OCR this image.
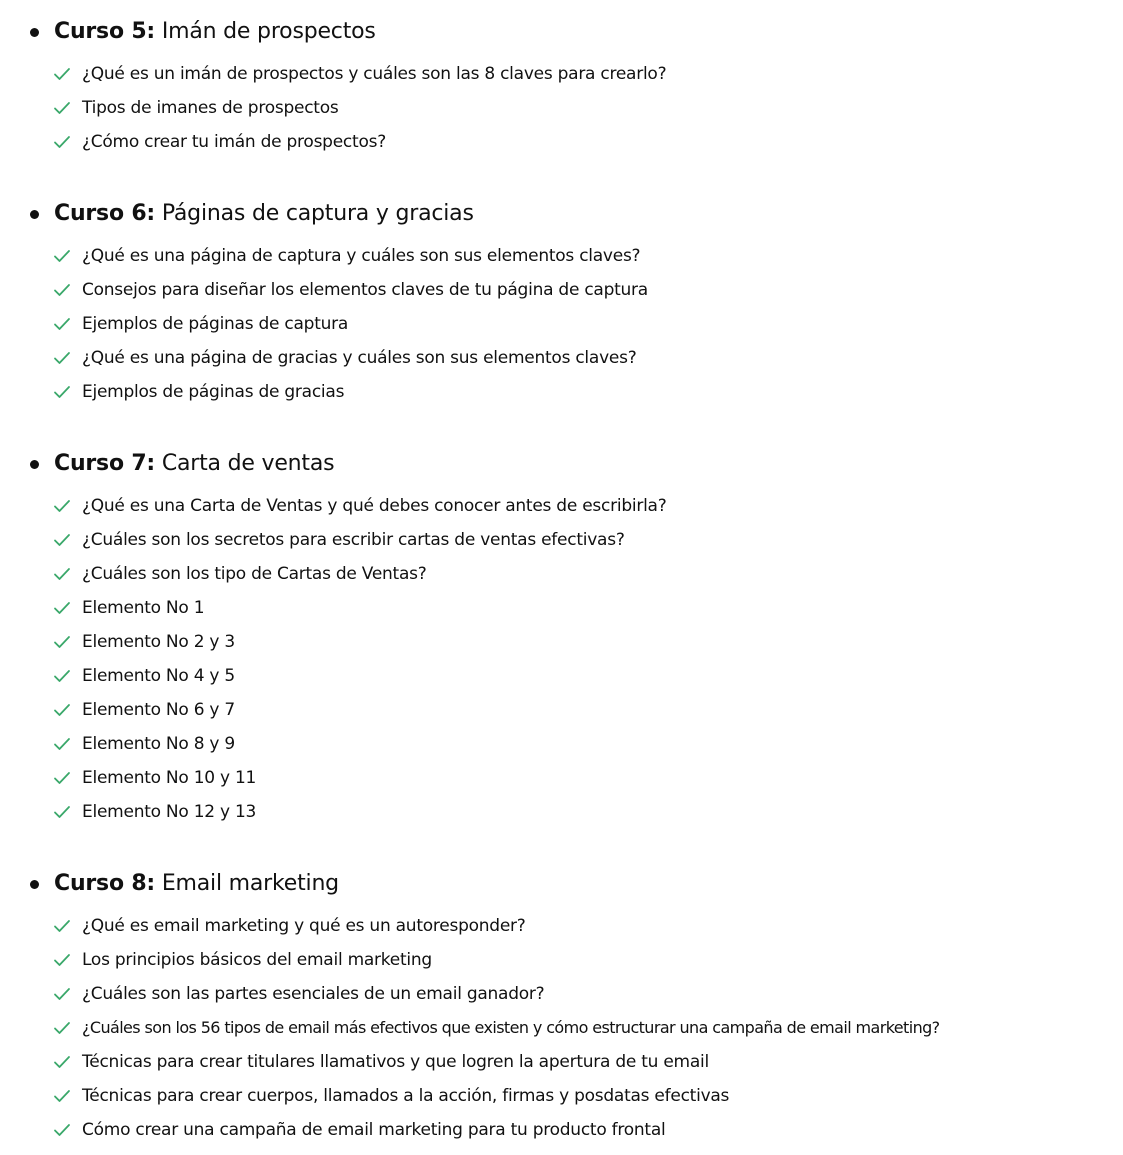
Curso 5: Imán de prospectos
¿Qué es un imán de prospectos y cuáles son las 8 claves para crearlo?
Tipos de imanes de prospectos
¿Cómo crear tu imán de prospectos?
Curso 6: Páginas de captura y gracias
¿Qué es una página de captura y cuáles son sus elementos claves?
Consejos para diseñar los elementos claves de tu página de captura
Ejemplos de páginas de captura
¿Qué es una página de gracias y cuáles son sus elementos claves?
Ejemplos de páginas de gracias
Curso 7: Carta de ventas
¿Qué es una Carta de Ventas y qué debes conocer antes de escribirla?
¿Cuáles son los secretos para escribir cartas de ventas efectivas?
¿Cuáles son los tipo de Cartas de Ventas?
Elemento No 1
Elemento No 2 y 3
Elemento No 4 y 5
Elemento No 6 y 7
Elemento No 8 y 9
Elemento No 10 y 11
Elemento No 12 y 13
Curso 8: Email marketing
¿Qué es email marketing y qué es un autoresponder?
Los principios básicos del email marketing
¿Cuáles son las partes esenciales de un email ganador?
¿Cuáles son los 56 tipos de email más efectivos que existen y cómo estructurar una campaña de email marketing?
Técnicas para crear titulares llamativos y que logren la apertura de tu email
Técnicas para crear cuerpos, llamados a la acción, firmas y posdatas efectivas
Cómo crear una campaña de email marketing para tu producto frontal
